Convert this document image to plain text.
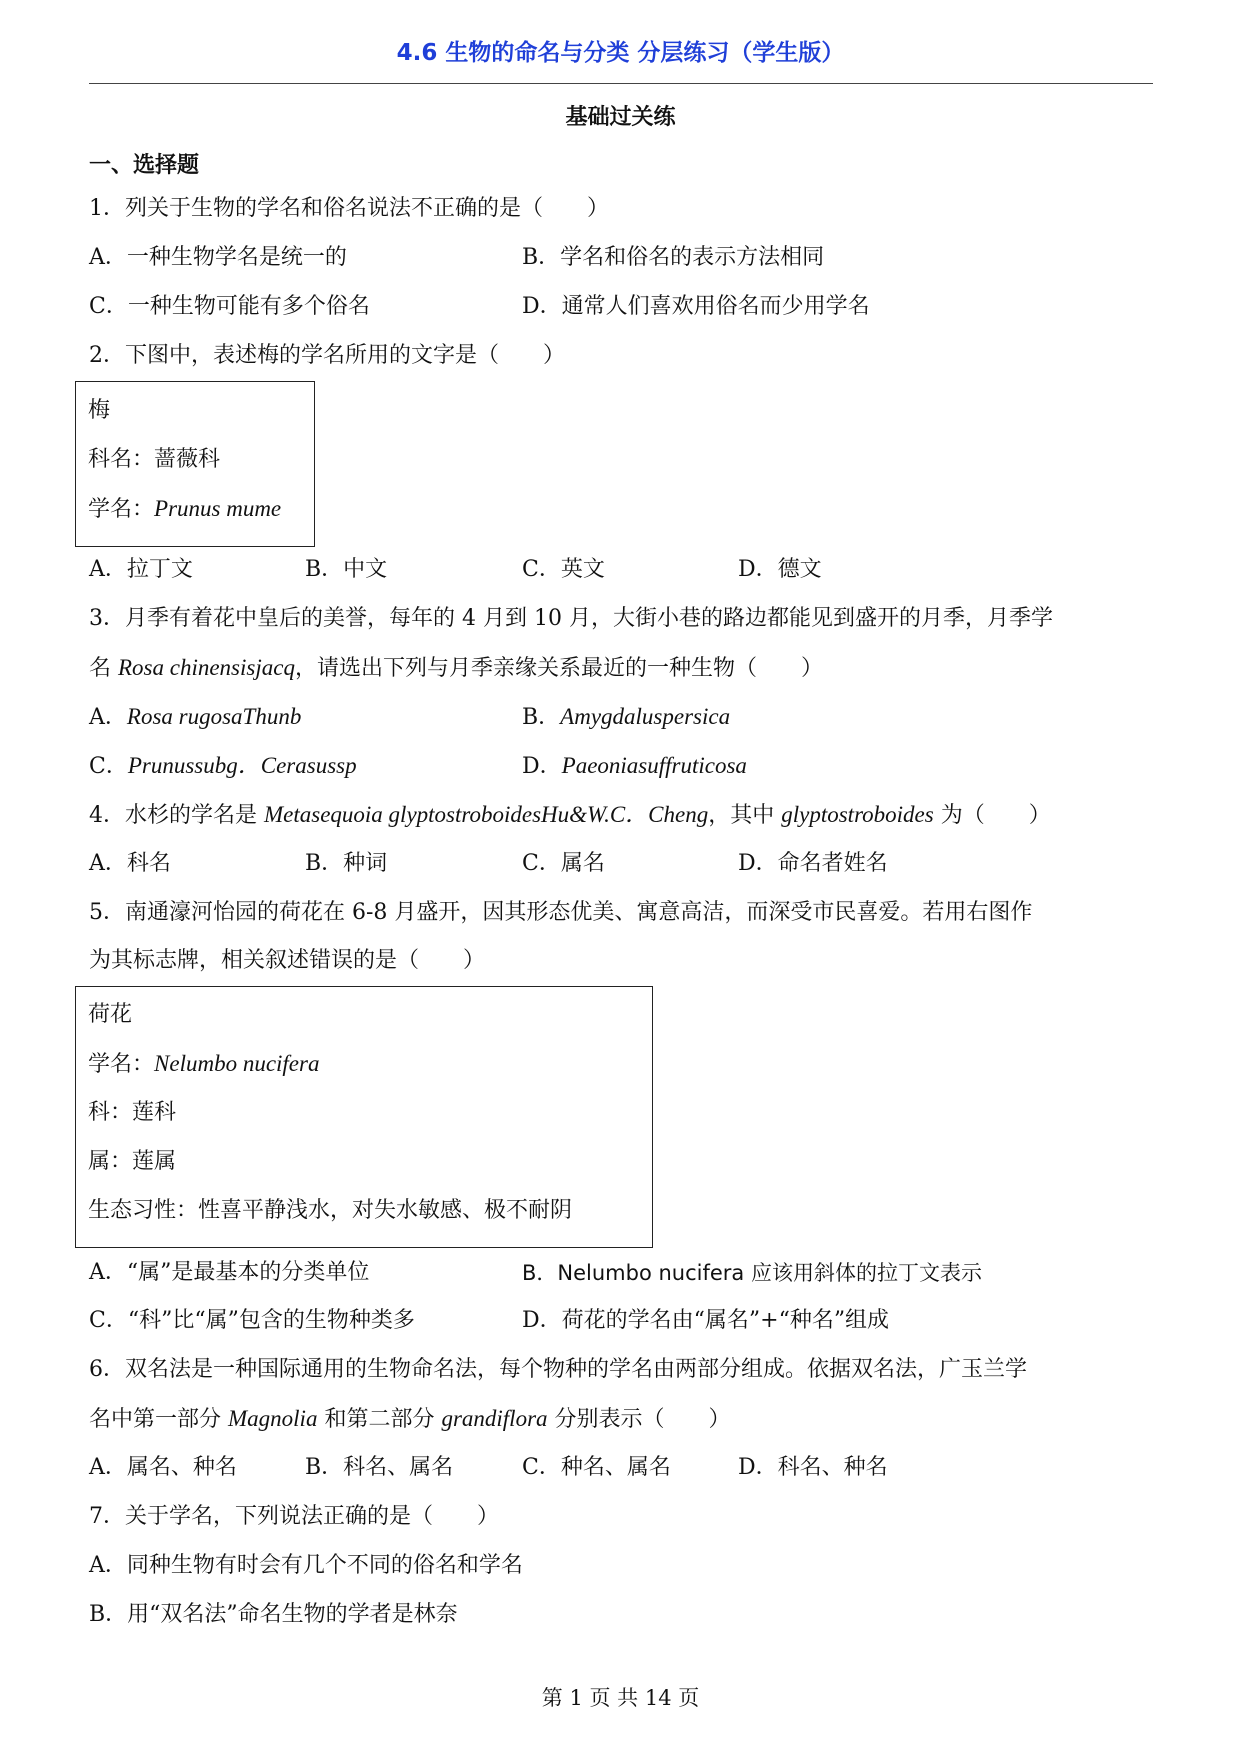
4.6 生物的命名与分类 分层练习（学生版）
基础过关练
一、选择题
1．列关于生物的学名和俗名说法不正确的是（　　）
A．一种生物学名是统一的	B．学名和俗名的表示方法相同
C．一种生物可能有多个俗名	D．通常人们喜欢用俗名而少用学名
2．下图中，表述梅的学名所用的文字是（　　）
梅
科名：蔷薇科
学名：Prunus mume
A．拉丁文	B．中文	C．英文	D．德文
3．月季有着花中皇后的美誉，每年的 4 月到 10 月，大街小巷的路边都能见到盛开的月季，月季学
名 Rosa chinensisjacq，请选出下列与月季亲缘关系最近的一种生物（　　）
A．Rosa rugosaThunb	B．Amygdaluspersica
C．Prunussubg．Cerasussp	D．Paeoniasuffruticosa
4．水杉的学名是 Metasequoia glyptostroboidesHu&W.C．Cheng，其中 glyptostroboides 为（　　）
A．科名	B．种词	C．属名	D．命名者姓名
5．南通濠河怡园的荷花在 6-8 月盛开，因其形态优美、寓意高洁，而深受市民喜爱。若用右图作
为其标志牌，相关叙述错误的是（　　）
荷花
学名：Nelumbo nucifera
科：莲科
属：莲属
生态习性：性喜平静浅水，对失水敏感、极不耐阴
A．“属”是最基本的分类单位	B．Nelumbo nucifera 应该用斜体的拉丁文表示
C．“科”比“属”包含的生物种类多	D．荷花的学名由“属名”+“种名”组成
6．双名法是一种国际通用的生物命名法，每个物种的学名由两部分组成。依据双名法，广玉兰学
名中第一部分 Magnolia 和第二部分 grandiflora 分别表示（　　）
A．属名、种名	B．科名、属名	C．种名、属名	D．科名、种名
7．关于学名，下列说法正确的是（　　）
A．同种生物有时会有几个不同的俗名和学名
B．用“双名法”命名生物的学者是林奈
第 1 页 共 14 页
